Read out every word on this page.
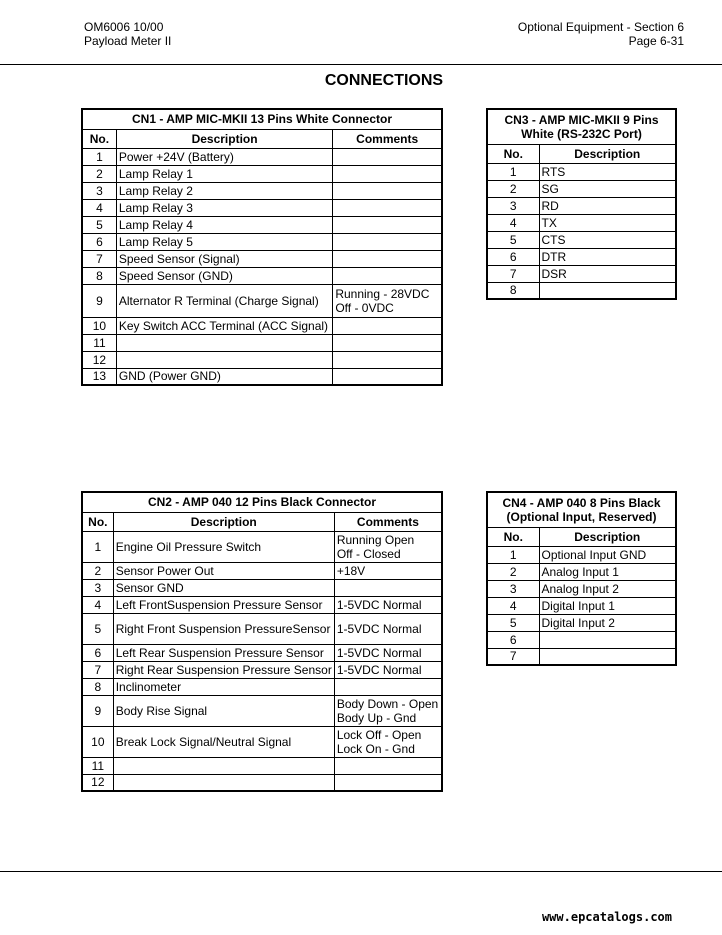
OM6006 10/00
Payload Meter II
Optional Equipment - Section 6
Page 6-31
CONNECTIONS
CN1 - AMP MIC-MKII 13 Pins White Connector		
No.	Description	Comments
1	Power +24V (Battery)	

2	Lamp Relay 1	

3	Lamp Relay 2	

4	Lamp Relay 3	

5	Lamp Relay 4	

6	Lamp Relay 5	

7	Speed Sensor (Signal)	

8	Speed Sensor (GND)	

9	Alternator R Terminal (Charge Signal)	Running - 28VDC
Off - 0VDC

10	Key Switch ACC Terminal (ACC Signal)	

11		

12		

13	GND (Power GND)	
CN3 - AMP MIC-MKII 9 Pins
White (RS-232C Port)	

No.	Description
1	RTS
2	SG
3	RD
4	TX
5	CTS
6	DTR
7	DSR
8	
CN2 - AMP 040 12 Pins Black Connector		
No.	Description	Comments
1	Engine Oil Pressure Switch	Running Open
Off - Closed

2	Sensor Power Out	+18V

3	Sensor GND	

4	Left FrontSuspension Pressure Sensor	1-5VDC Normal

5	Right Front Suspension PressureSensor	1-5VDC Normal

6	Left Rear Suspension Pressure Sensor	1-5VDC Normal

7	Right Rear Suspension Pressure Sensor	1-5VDC Normal

8	Inclinometer	

9	Body Rise Signal	Body Down - Open
Body Up - Gnd

10	Break Lock Signal/Neutral Signal	Lock Off - Open
Lock On - Gnd

11		

12		
CN4 - AMP 040 8 Pins Black
(Optional Input, Reserved)	

No.	Description
1	Optional Input GND
2	Analog Input 1
3	Analog Input 2
4	Digital Input 1
5	Digital Input 2
6	
7	
www.epcatalogs.com
